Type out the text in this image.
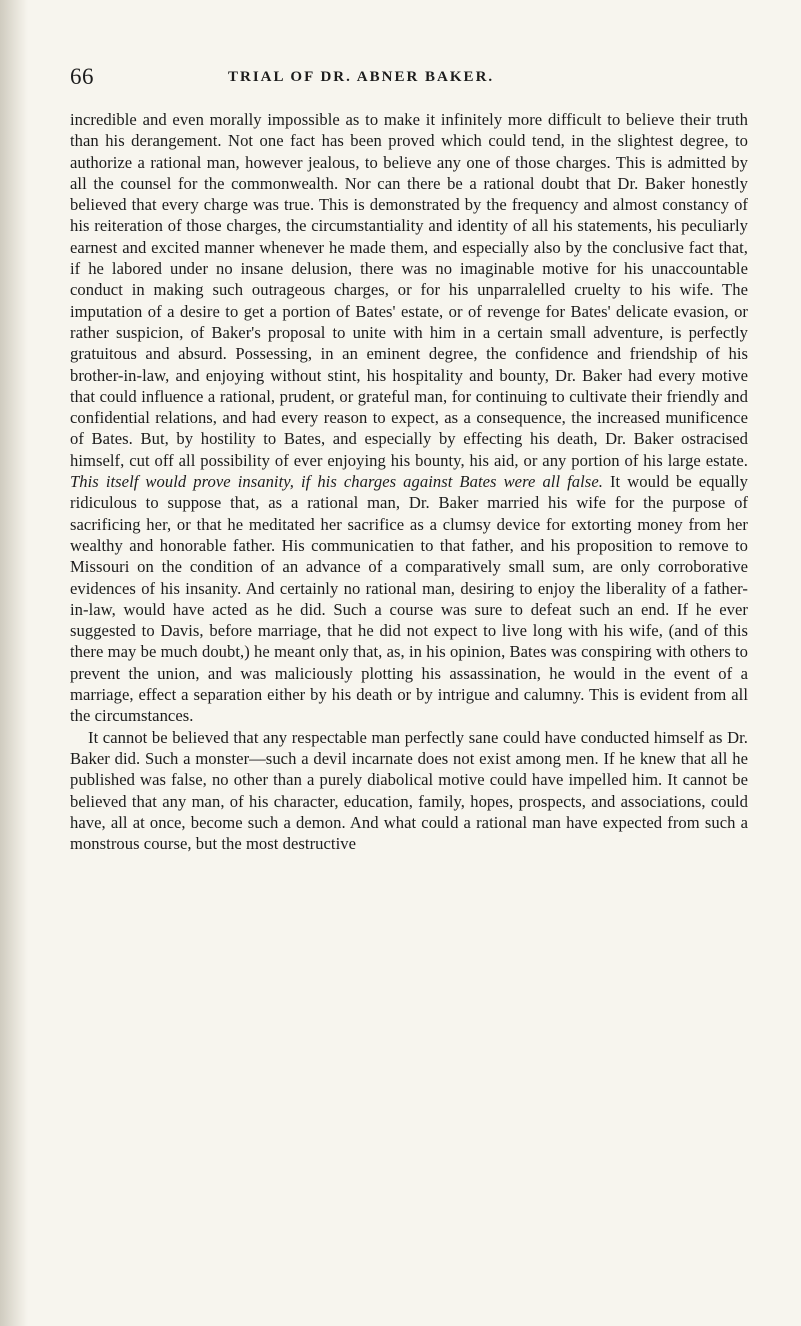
66	TRIAL OF DR. ABNER BAKER.

incredible and even morally impossible as to make it infinitely more difficult to believe their truth than his derangement. Not one fact has been proved which could tend, in the slightest degree, to authorize a rational man, however jealous, to believe any one of those charges. This is admitted by all the counsel for the commonwealth. Nor can there be a rational doubt that Dr. Baker honestly believed that every charge was true. This is demonstrated by the frequency and almost constancy of his reiteration of those charges, the circumstantiality and identity of all his statements, his peculiarly earnest and excited manner whenever he made them, and especially also by the conclusive fact that, if he labored under no insane delusion, there was no imaginable motive for his unaccountable conduct in making such outrageous charges, or for his unparralelled cruelty to his wife. The imputation of a desire to get a portion of Bates' estate, or of revenge for Bates' delicate evasion, or rather suspicion, of Baker's proposal to unite with him in a certain small adventure, is perfectly gratuitous and absurd. Possessing, in an eminent degree, the confidence and friendship of his brother-in-law, and enjoying without stint, his hospitality and bounty, Dr. Baker had every motive that could influence a rational, prudent, or grateful man, for continuing to cultivate their friendly and confidential relations, and had every reason to expect, as a consequence, the increased munificence of Bates. But, by hostility to Bates, and especially by effecting his death, Dr. Baker ostracised himself, cut off all possibility of ever enjoying his bounty, his aid, or any portion of his large estate. This itself would prove insanity, if his charges against Bates were all false. It would be equally ridiculous to suppose that, as a rational man, Dr. Baker married his wife for the purpose of sacrificing her, or that he meditated her sacrifice as a clumsy device for extorting money from her wealthy and honorable father. His communicatien to that father, and his proposition to remove to Missouri on the condition of an advance of a comparatively small sum, are only corroborative evidences of his insanity. And certainly no rational man, desiring to enjoy the liberality of a father-in-law, would have acted as he did. Such a course was sure to defeat such an end. If he ever suggested to Davis, before marriage, that he did not expect to live long with his wife, (and of this there may be much doubt,) he meant only that, as, in his opinion, Bates was conspiring with others to prevent the union, and was maliciously plotting his assassination, he would in the event of a marriage, effect a separation either by his death or by intrigue and calumny. This is evident from all the circumstances.

It cannot be believed that any respectable man perfectly sane could have conducted himself as Dr. Baker did. Such a monster—such a devil incarnate does not exist among men. If he knew that all he published was false, no other than a purely diabolical motive could have impelled him. It cannot be believed that any man, of his character, education, family, hopes, prospects, and associations, could have, all at once, become such a demon. And what could a rational man have expected from such a monstrous course, but the most destructive
